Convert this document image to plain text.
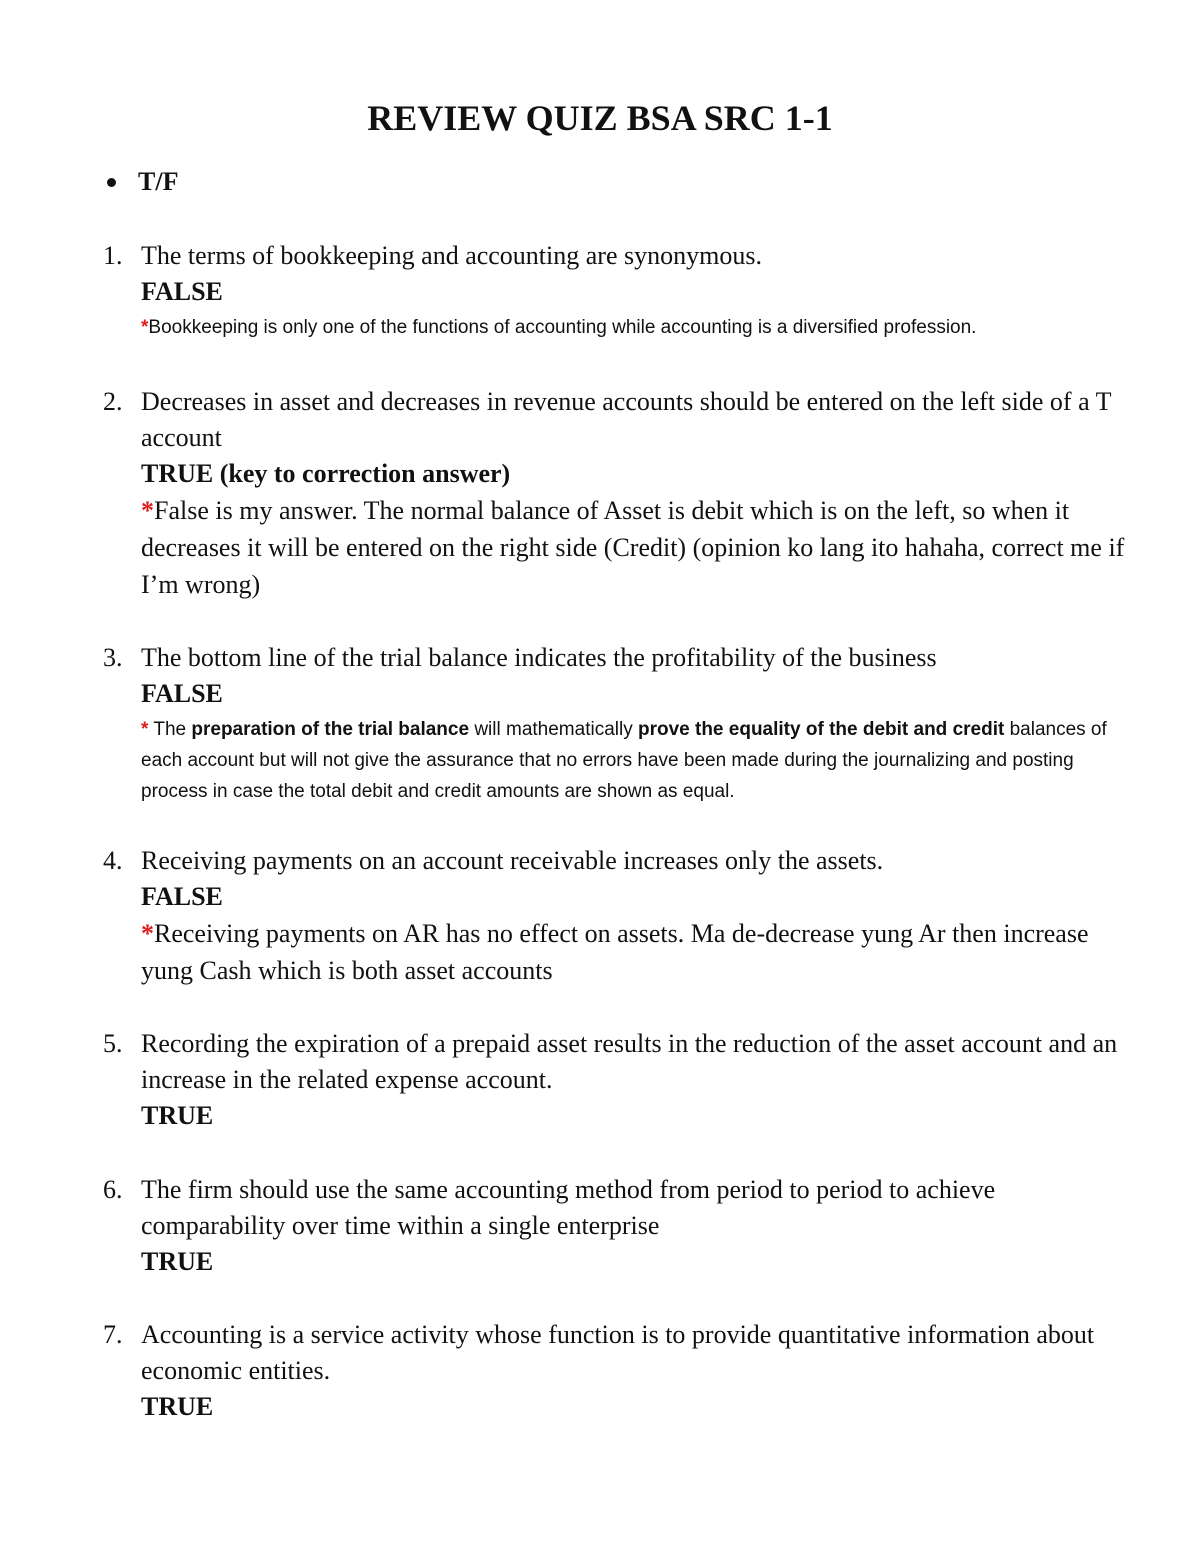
REVIEW QUIZ BSA SRC 1-1
T/F
1. The terms of bookkeeping and accounting are synonymous.
FALSE
*Bookkeeping is only one of the functions of accounting while accounting is a diversified profession.
2. Decreases in asset and decreases in revenue accounts should be entered on the left side of a T account
TRUE (key to correction answer)
*False is my answer. The normal balance of Asset is debit which is on the left, so when it decreases it will be entered on the right side (Credit) (opinion ko lang ito hahaha, correct me if I’m wrong)
3. The bottom line of the trial balance indicates the profitability of the business
FALSE
* The preparation of the trial balance will mathematically prove the equality of the debit and credit balances of each account but will not give the assurance that no errors have been made during the journalizing and posting process in case the total debit and credit amounts are shown as equal.
4. Receiving payments on an account receivable increases only the assets.
FALSE
*Receiving payments on AR has no effect on assets. Ma de-decrease yung Ar then increase yung Cash which is both asset accounts
5. Recording the expiration of a prepaid asset results in the reduction of the asset account and an increase in the related expense account.
TRUE
6. The firm should use the same accounting method from period to period to achieve comparability over time within a single enterprise
TRUE
7. Accounting is a service activity whose function is to provide quantitative information about economic entities.
TRUE
